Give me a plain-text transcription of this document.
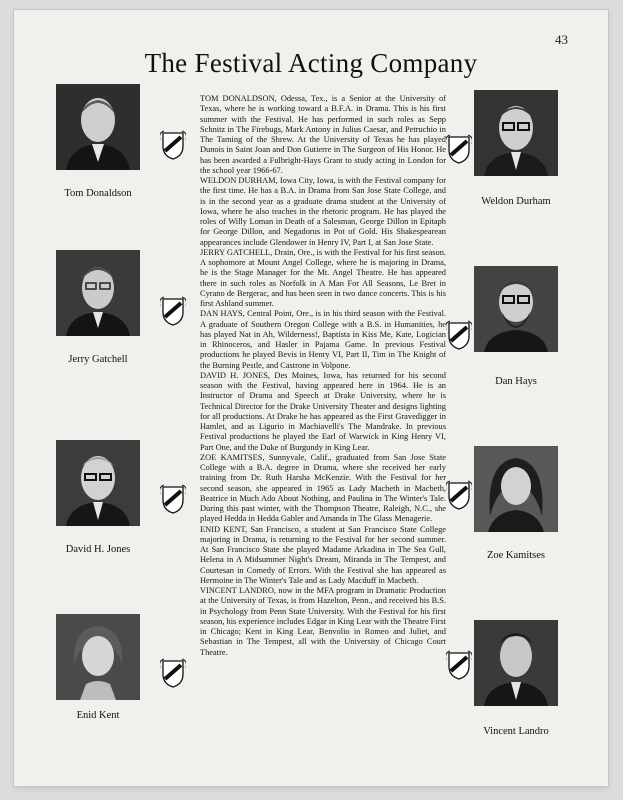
43
The Festival Acting Company
Tom Donaldson
Jerry Gatchell
David H. Jones
Enid Kent
Weldon Durham
Dan Hays
Zoe Kamitses
Vincent Landro

TOM DONALDSON, Odessa, Tex., is a Senior at the University of Texas, where he is working toward a B.F.A. in Drama. This is his first summer with the Festival. He has performed in such roles as Sepp Schnitz in The Firebugs, Mark Antony in Julius Caesar, and Petruchio in The Taming of the Shrew. At the University of Texas he has played Dunois in Saint Joan and Don Gutierre in The Surgeon of His Honor. He has been awarded a Fulbright-Hays Grant to study acting in London for the school year 1966-67.

WELDON DURHAM, Iowa City, Iowa, is with the Festival company for the first time. He has a B.A. in Drama from San Jose State College, and is in the second year as a graduate drama student at the University of Iowa, where he also teaches in the rhetoric program. He has played the roles of Willy Loman in Death of a Salesman, George Dillon in Epitaph for George Dillon, and Negadorus in Pot of Gold. His Shakespearean appearances include Glendower in Henry IV, Part I, at San Jose State.

JERRY GATCHELL, Drain, Ore., is with the Festival for his first season. A sophomore at Mount Angel College, where he is majoring in Drama, he is the Stage Manager for the Mt. Angel Theatre. He has appeared there in such roles as Norfolk in A Man For All Seasons, Le Bret in Cyrano de Bergerac, and has been seen in two dance concerts. This is his first Ashland summer.

DAN HAYS, Central Point, Ore., is in his third season with the Festival. A graduate of Southern Oregon College with a B.S. in Humanities, he has played Nat in Ah, Wilderness!, Baptista in Kiss Me, Kate, Logician in Rhinoceros, and Hasler in Pajama Game. In previous Festival productions he played Bevis in Henry VI, Part II, Tim in The Knight of the Burning Pestle, and Castrone in Volpone.

DAVID H. JONES, Des Moines, Iowa, has returned for his second season with the Festival, having appeared here in 1964. He is an Instructor of Drama and Speech at Drake University, where he is Technical Director for the Drake University Theater and designs lighting for all productions. At Drake he has appeared as the First Gravedigger in Hamlet, and as Ligurio in Machiavelli's The Mandrake. In previous Festival productions he played the Earl of Warwick in King Henry VI, Part One, and the Duke of Burgundy in King Lear.

ZOE KAMITSES, Sunnyvale, Calif., graduated from San Jose State College with a B.A. degree in Drama, where she received her early training from Dr. Ruth Harsha McKenzie. With the Festival for her second season, she appeared in 1965 as Lady Macbeth in Macbeth, Beatrice in Much Ado About Nothing, and Paulina in The Winter's Tale. During this past winter, with the Thompson Theatre, Raleigh, N.C., she played Hedda in Hedda Gabler and Amanda in The Glass Menagerie.

ENID KENT, San Francisco, a student at San Francisco State College majoring in Drama, is returning to the Festival for her second summer. At San Francisco State she played Madame Arkadina in The Sea Gull, Helena in A Midsummer Night's Dream, Miranda in The Tempest, and Courtesan in Comedy of Errors. With the Festival she has appeared as Hermoine in The Winter's Tale and as Lady Macduff in Macbeth.

VINCENT LANDRO, now in the MFA program in Dramatic Production at the University of Texas, is from Hazelton, Penn., and received his B.S. in Psychology from Penn State University. With the Festival for his first season, his experience includes Edgar in King Lear with the Theatre First in Chicago; Kent in King Lear, Benvolio in Romeo and Juliet, and Sebastian in The Tempest, all with the University of Chicago Court Theatre.
